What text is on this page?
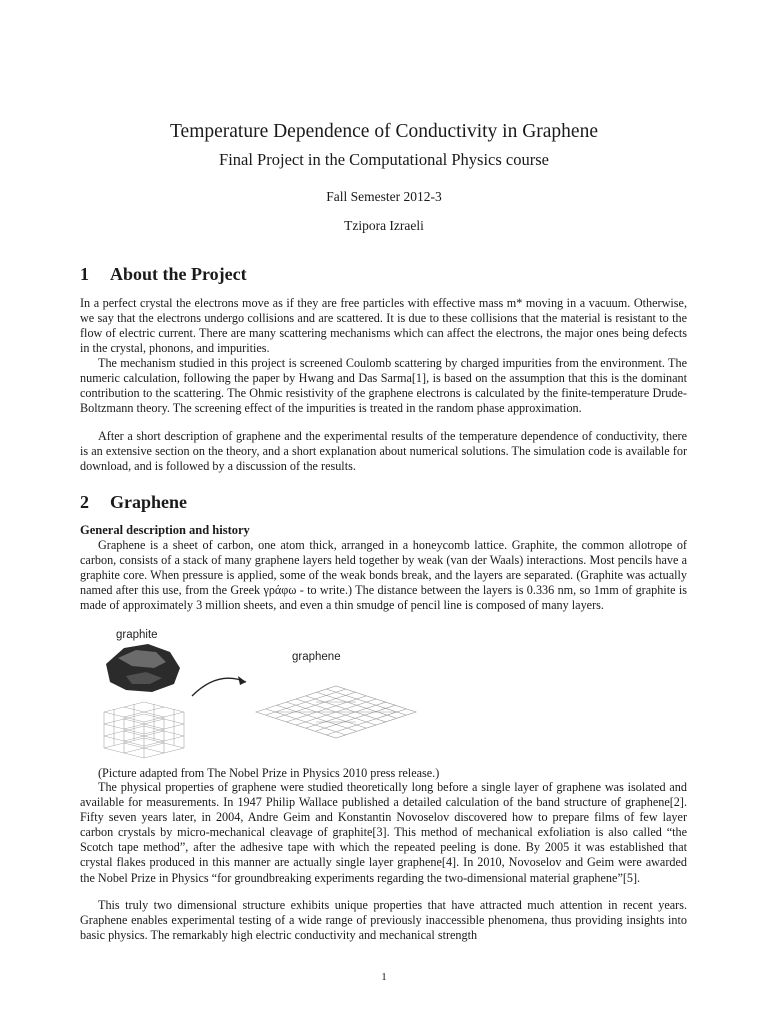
Temperature Dependence of Conductivity in Graphene
Final Project in the Computational Physics course
Fall Semester 2012-3
Tzipora Izraeli
1 About the Project

In a perfect crystal the electrons move as if they are free particles with effective mass m* moving in a vacuum. Otherwise, we say that the electrons undergo collisions and are scattered. It is due to these collisions that the material is resistant to the flow of electric current. There are many scattering mechanisms which can affect the electrons, the major ones being defects in the crystal, phonons, and impurities.

The mechanism studied in this project is screened Coulomb scattering by charged impurities from the environment. The numeric calculation, following the paper by Hwang and Das Sarma[1], is based on the assumption that this is the dominant contribution to the scattering. The Ohmic resistivity of the graphene electrons is calculated by the finite-temperature Drude-Boltzmann theory. The screening effect of the impurities is treated in the random phase approximation.

After a short description of graphene and the experimental results of the temperature dependence of conductivity, there is an extensive section on the theory, and a short explanation about numerical solutions. The simulation code is available for download, and is followed by a discussion of the results.

2 Graphene
General description and history

Graphene is a sheet of carbon, one atom thick, arranged in a honeycomb lattice. Graphite, the common allotrope of carbon, consists of a stack of many graphene layers held together by weak (van der Waals) interactions. Most pencils have a graphite core. When pressure is applied, some of the weak bonds break, and the layers are separated. (Graphite was actually named after this use, from the Greek γράφω - to write.) The distance between the layers is 0.336 nm, so 1mm of graphite is made of approximately 3 million sheets, and even a thin smudge of pencil line is composed of many layers.

graphite
graphene
(Picture adapted from The Nobel Prize in Physics 2010 press release.)

The physical properties of graphene were studied theoretically long before a single layer of graphene was isolated and available for measurements. In 1947 Philip Wallace published a detailed calculation of the band structure of graphene[2]. Fifty seven years later, in 2004, Andre Geim and Konstantin Novoselov discovered how to prepare films of few layer carbon crystals by micro-mechanical cleavage of graphite[3]. This method of mechanical exfoliation is also called “the Scotch tape method”, after the adhesive tape with which the repeated peeling is done. By 2005 it was established that crystal flakes produced in this manner are actually single layer graphene[4]. In 2010, Novoselov and Geim were awarded the Nobel Prize in Physics “for groundbreaking experiments regarding the two-dimensional material graphene”[5].

This truly two dimensional structure exhibits unique properties that have attracted much attention in recent years. Graphene enables experimental testing of a wide range of previously inaccessible phenomena, thus providing insights into basic physics. The remarkably high electric conductivity and mechanical strength

1
